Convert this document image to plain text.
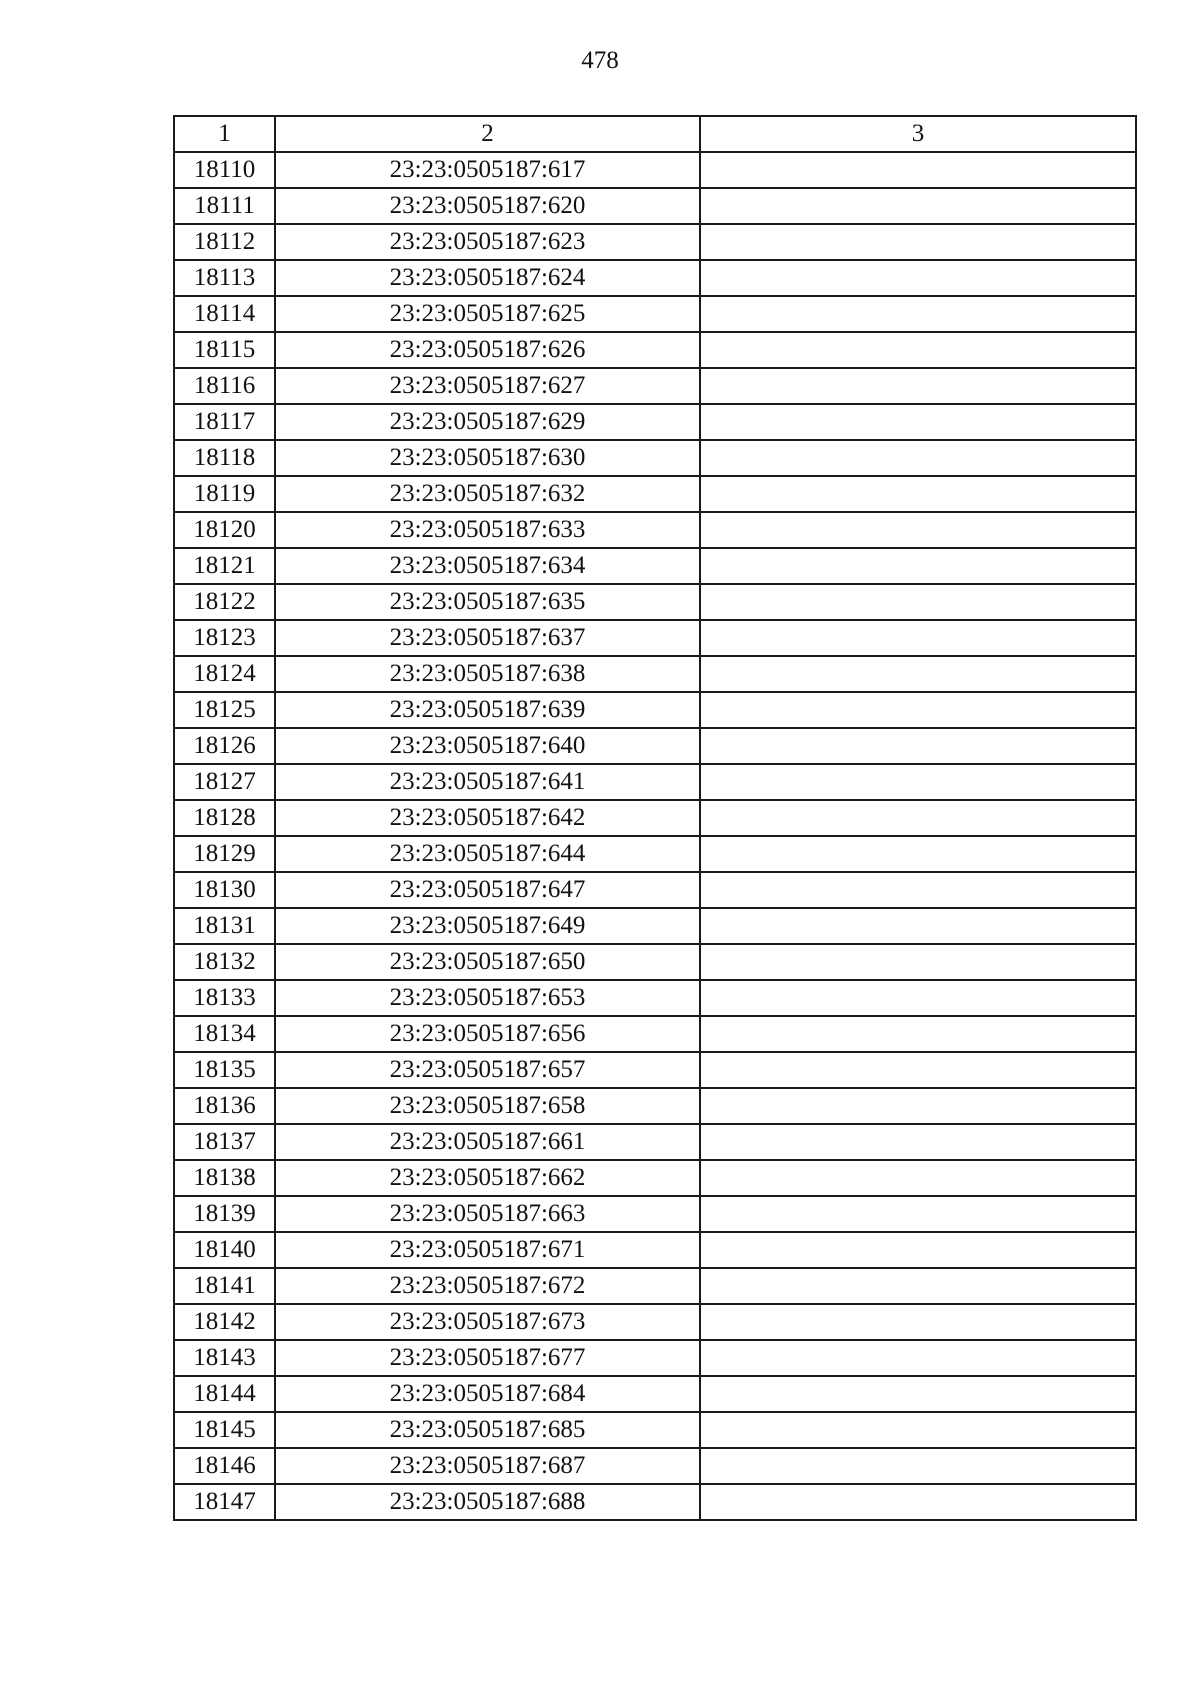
478
1	2	3
18110	23:23:0505187:617	
18111	23:23:0505187:620	
18112	23:23:0505187:623	
18113	23:23:0505187:624	
18114	23:23:0505187:625	
18115	23:23:0505187:626	
18116	23:23:0505187:627	
18117	23:23:0505187:629	
18118	23:23:0505187:630	
18119	23:23:0505187:632	
18120	23:23:0505187:633	
18121	23:23:0505187:634	
18122	23:23:0505187:635	
18123	23:23:0505187:637	
18124	23:23:0505187:638	
18125	23:23:0505187:639	
18126	23:23:0505187:640	
18127	23:23:0505187:641	
18128	23:23:0505187:642	
18129	23:23:0505187:644	
18130	23:23:0505187:647	
18131	23:23:0505187:649	
18132	23:23:0505187:650	
18133	23:23:0505187:653	
18134	23:23:0505187:656	
18135	23:23:0505187:657	
18136	23:23:0505187:658	
18137	23:23:0505187:661	
18138	23:23:0505187:662	
18139	23:23:0505187:663	
18140	23:23:0505187:671	
18141	23:23:0505187:672	
18142	23:23:0505187:673	
18143	23:23:0505187:677	
18144	23:23:0505187:684	
18145	23:23:0505187:685	
18146	23:23:0505187:687	
18147	23:23:0505187:688	
